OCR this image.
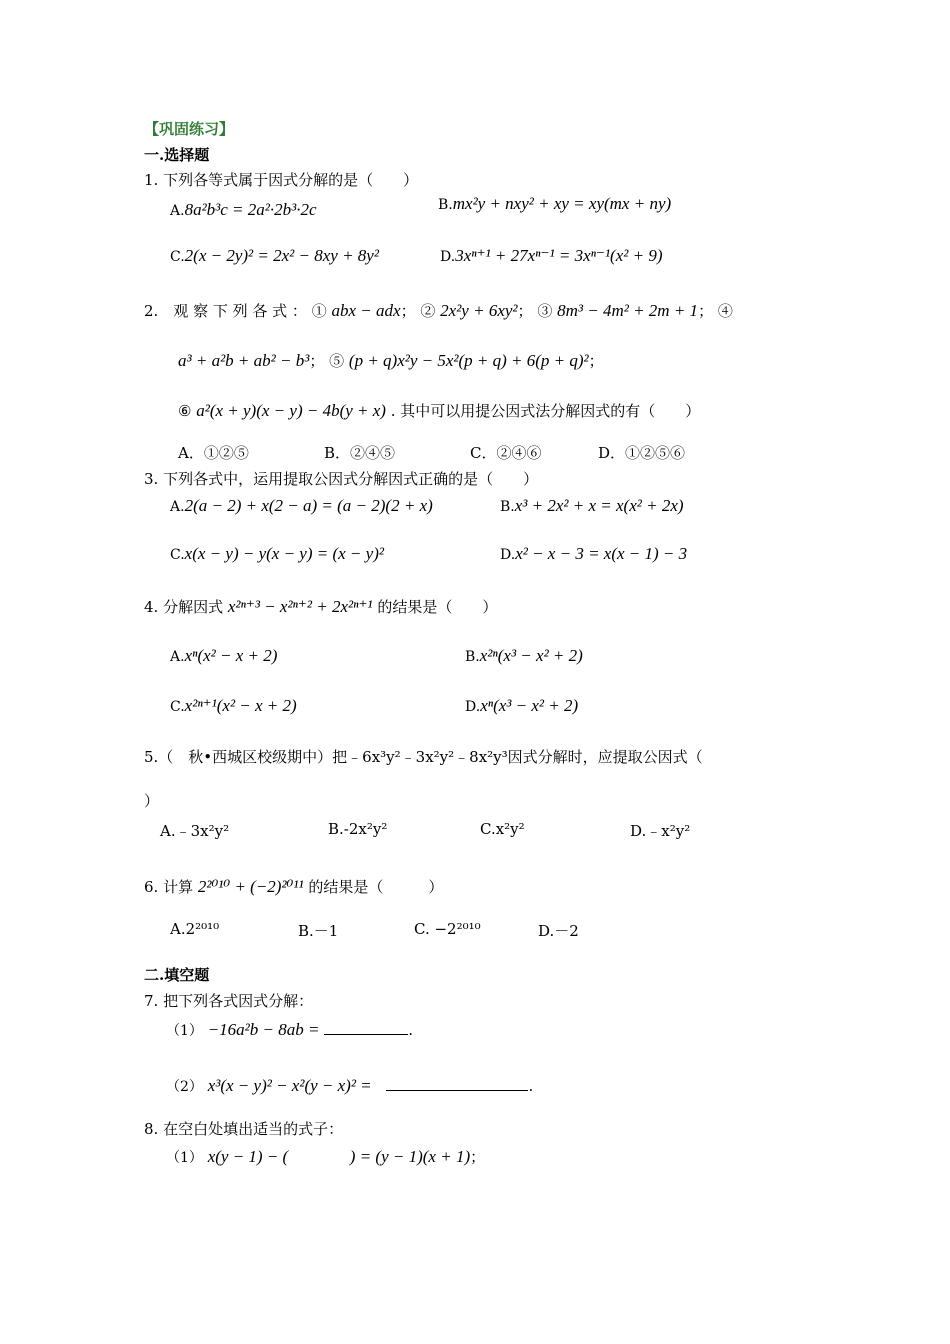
【巩固练习】
一.选择题
1. 下列各等式属于因式分解的是（　　）
A.8a²b³c = 2a²·2b³·2c	B.mx²y + nxy² + xy = xy(mx + ny)
C.2(x − 2y)² = 2x² − 8xy + 8y²	D.3xⁿ⁺¹ + 27xⁿ⁻¹ = 3xⁿ⁻¹(x² + 9)
2.　观 察 下 列 各 式 ： ① abx − adx； ② 2x²y + 6xy²； ③ 8m³ − 4m² + 2m + 1； ④
a³ + a²b + ab² − b³； ⑤ (p + q)x²y − 5x²(p + q) + 6(p + q)²；
⑥ a²(x + y)(x − y) − 4b(y + x) . 其中可以用提公因式法分解因式的有（　　）
A．①②⑤	B．②④⑤	C．②④⑥	D．①②⑤⑥
3. 下列各式中，运用提取公因式分解因式正确的是（　　）
A.2(a − 2) + x(2 − a) = (a − 2)(2 + x)	B.x³ + 2x² + x = x(x² + 2x)
C.x(x − y) − y(x − y) = (x − y)²	D.x² − x − 3 = x(x − 1) − 3
4. 分解因式 x²ⁿ⁺³ − x²ⁿ⁺² + 2x²ⁿ⁺¹ 的结果是（　　）
A.xⁿ(x² − x + 2)	B.x²ⁿ(x³ − x² + 2)
C.x²ⁿ⁺¹(x² − x + 2)	D.xⁿ(x³ − x² + 2)
5.（　秋•西城区校级期中）把﹣6x³y²﹣3x²y²﹣8x²y³因式分解时，应提取公因式（
）
A.﹣3x²y²	B.-2x²y²	C.x²y²	D.﹣x²y²
6. 计算 2²⁰¹⁰ + (−2)²⁰¹¹ 的结果是（　　　）
A.2²⁰¹⁰	B.－1	C. −2²⁰¹⁰	D.－2
二.填空题
7. 把下列各式因式分解：
（1） −16a²b − 8ab =	.
（2） x³(x − y)² − x²(y − x)² =	.
8. 在空白处填出适当的式子：
（1） x(y − 1) − (	) = (y − 1)(x + 1)；
